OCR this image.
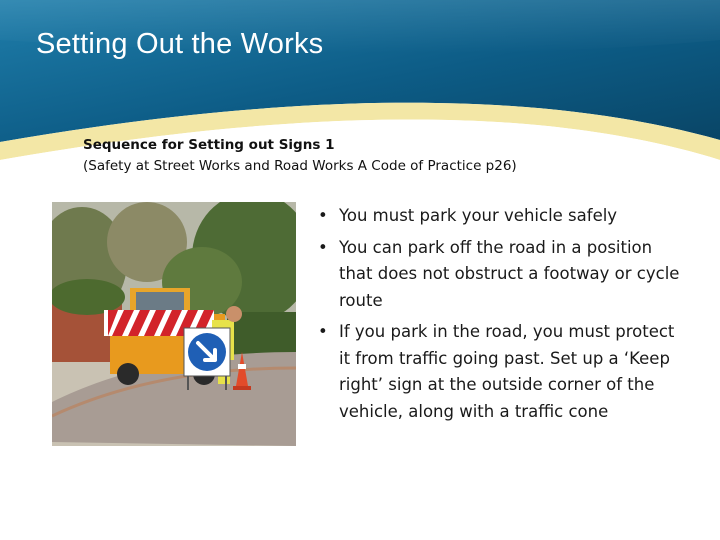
Setting Out the Works
Sequence for Setting out Signs 1
(Safety at Street Works and Road Works A Code of Practice p26)
• You must park your vehicle safely
• You can park off the road in a position that does not obstruct a footway or cycle route
• If you park in the road, you must protect it from traffic going past. Set up a ‘Keep right’ sign at the outside corner of the vehicle, along with a traffic cone
